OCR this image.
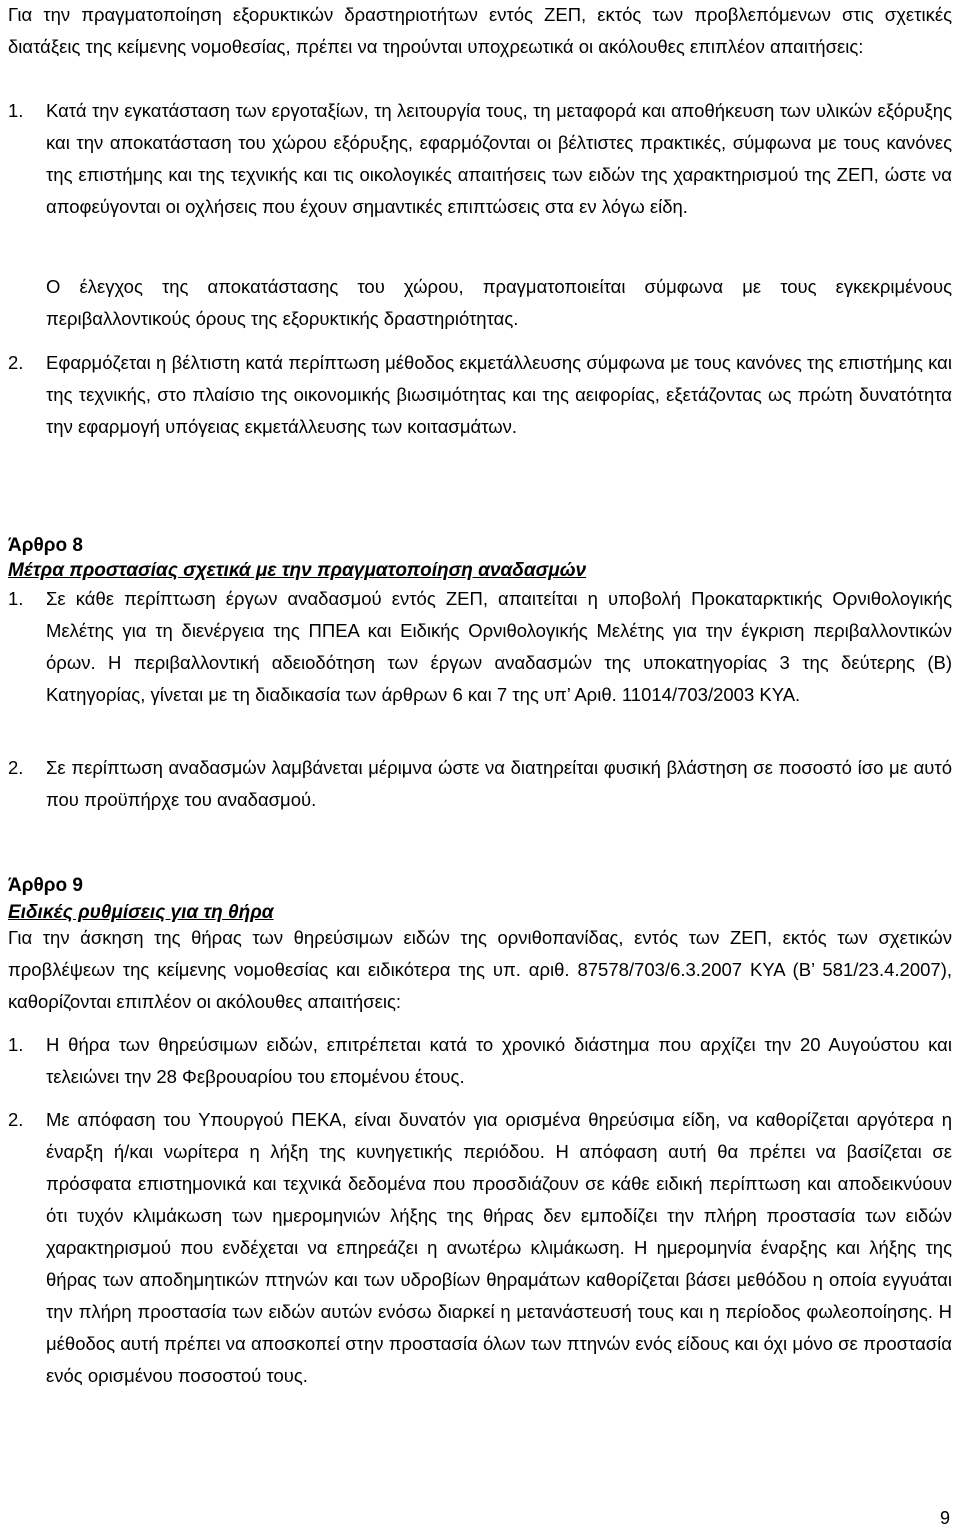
Για την πραγματοποίηση εξορυκτικών δραστηριοτήτων εντός ΖΕΠ, εκτός των προβλεπόμενων στις σχετικές διατάξεις της κείμενης νομοθεσίας, πρέπει να τηρούνται υποχρεωτικά οι ακόλουθες επιπλέον απαιτήσεις:

1. Κατά την εγκατάσταση των εργοταξίων, τη λειτουργία τους, τη μεταφορά και αποθήκευση των υλικών εξόρυξης και την αποκατάσταση του χώρου εξόρυξης, εφαρμόζονται οι βέλτιστες πρακτικές, σύμφωνα με τους κανόνες της επιστήμης και της τεχνικής και τις οικολογικές απαιτήσεις των ειδών της χαρακτηρισμού της ΖΕΠ, ώστε να αποφεύγονται οι οχλήσεις που έχουν σημαντικές επιπτώσεις στα εν λόγω είδη.

Ο έλεγχος της αποκατάστασης του χώρου, πραγματοποιείται σύμφωνα με τους εγκεκριμένους περιβαλλοντικούς όρους της εξορυκτικής δραστηριότητας.

2. Εφαρμόζεται η βέλτιστη κατά περίπτωση μέθοδος εκμετάλλευσης σύμφωνα με τους κανόνες της επιστήμης και της τεχνικής, στο πλαίσιο της οικονομικής βιωσιμότητας και της αειφορίας, εξετάζοντας ως πρώτη δυνατότητα την εφαρμογή υπόγειας εκμετάλλευσης των κοιτασμάτων.
Άρθρο 8
Μέτρα προστασίας σχετικά με την πραγματοποίηση αναδασμών
1. Σε κάθε περίπτωση έργων αναδασμού εντός ΖΕΠ, απαιτείται η υποβολή Προκαταρκτικής Ορνιθολογικής Μελέτης για τη διενέργεια της ΠΠΕΑ και Ειδικής Ορνιθολογικής Μελέτης για την έγκριση περιβαλλοντικών όρων. Η περιβαλλοντική αδειοδότηση των έργων αναδασμών της υποκατηγορίας 3 της δεύτερης (Β) Κατηγορίας, γίνεται με τη διαδικασία των άρθρων 6 και 7 της υπ’ Αριθ. 11014/703/2003 ΚΥΑ.
2. Σε περίπτωση αναδασμών λαμβάνεται μέριμνα ώστε να διατηρείται φυσική βλάστηση σε ποσοστό ίσο με αυτό που προϋπήρχε του αναδασμού.
Άρθρο 9
Ειδικές ρυθμίσεις για τη θήρα

Για την άσκηση της θήρας των θηρεύσιμων ειδών της ορνιθοπανίδας, εντός των ΖΕΠ, εκτός των σχετικών προβλέψεων της κείμενης νομοθεσίας και ειδικότερα της υπ. αριθ. 87578/703/6.3.2007 ΚΥΑ (Β’ 581/23.4.2007), καθορίζονται επιπλέον οι ακόλουθες απαιτήσεις:

1. Η θήρα των θηρεύσιμων ειδών, επιτρέπεται κατά το χρονικό διάστημα που αρχίζει την 20 Αυγούστου και τελειώνει την 28 Φεβρουαρίου του επομένου έτους.
2. Με απόφαση του Υπουργού ΠΕΚΑ, είναι δυνατόν για ορισμένα θηρεύσιμα είδη, να καθορίζεται αργότερα η έναρξη ή/και νωρίτερα η λήξη της κυνηγετικής περιόδου. Η απόφαση αυτή θα πρέπει να βασίζεται σε πρόσφατα επιστημονικά και τεχνικά δεδομένα που προσδιάζουν σε κάθε ειδική περίπτωση και αποδεικνύουν ότι τυχόν κλιμάκωση των ημερομηνιών λήξης της θήρας δεν εμποδίζει την πλήρη προστασία των ειδών χαρακτηρισμού που ενδέχεται να επηρεάζει η ανωτέρω κλιμάκωση. Η ημερομηνία έναρξης και λήξης της θήρας των αποδημητικών πτηνών και των υδροβίων θηραμάτων καθορίζεται βάσει μεθόδου η οποία εγγυάται την πλήρη προστασία των ειδών αυτών ενόσω διαρκεί η μετανάστευσή τους και η περίοδος φωλεοποίησης. Η μέθοδος αυτή πρέπει να αποσκοπεί στην προστασία όλων των πτηνών ενός είδους και όχι μόνο σε προστασία ενός ορισμένου ποσοστού τους.
9
